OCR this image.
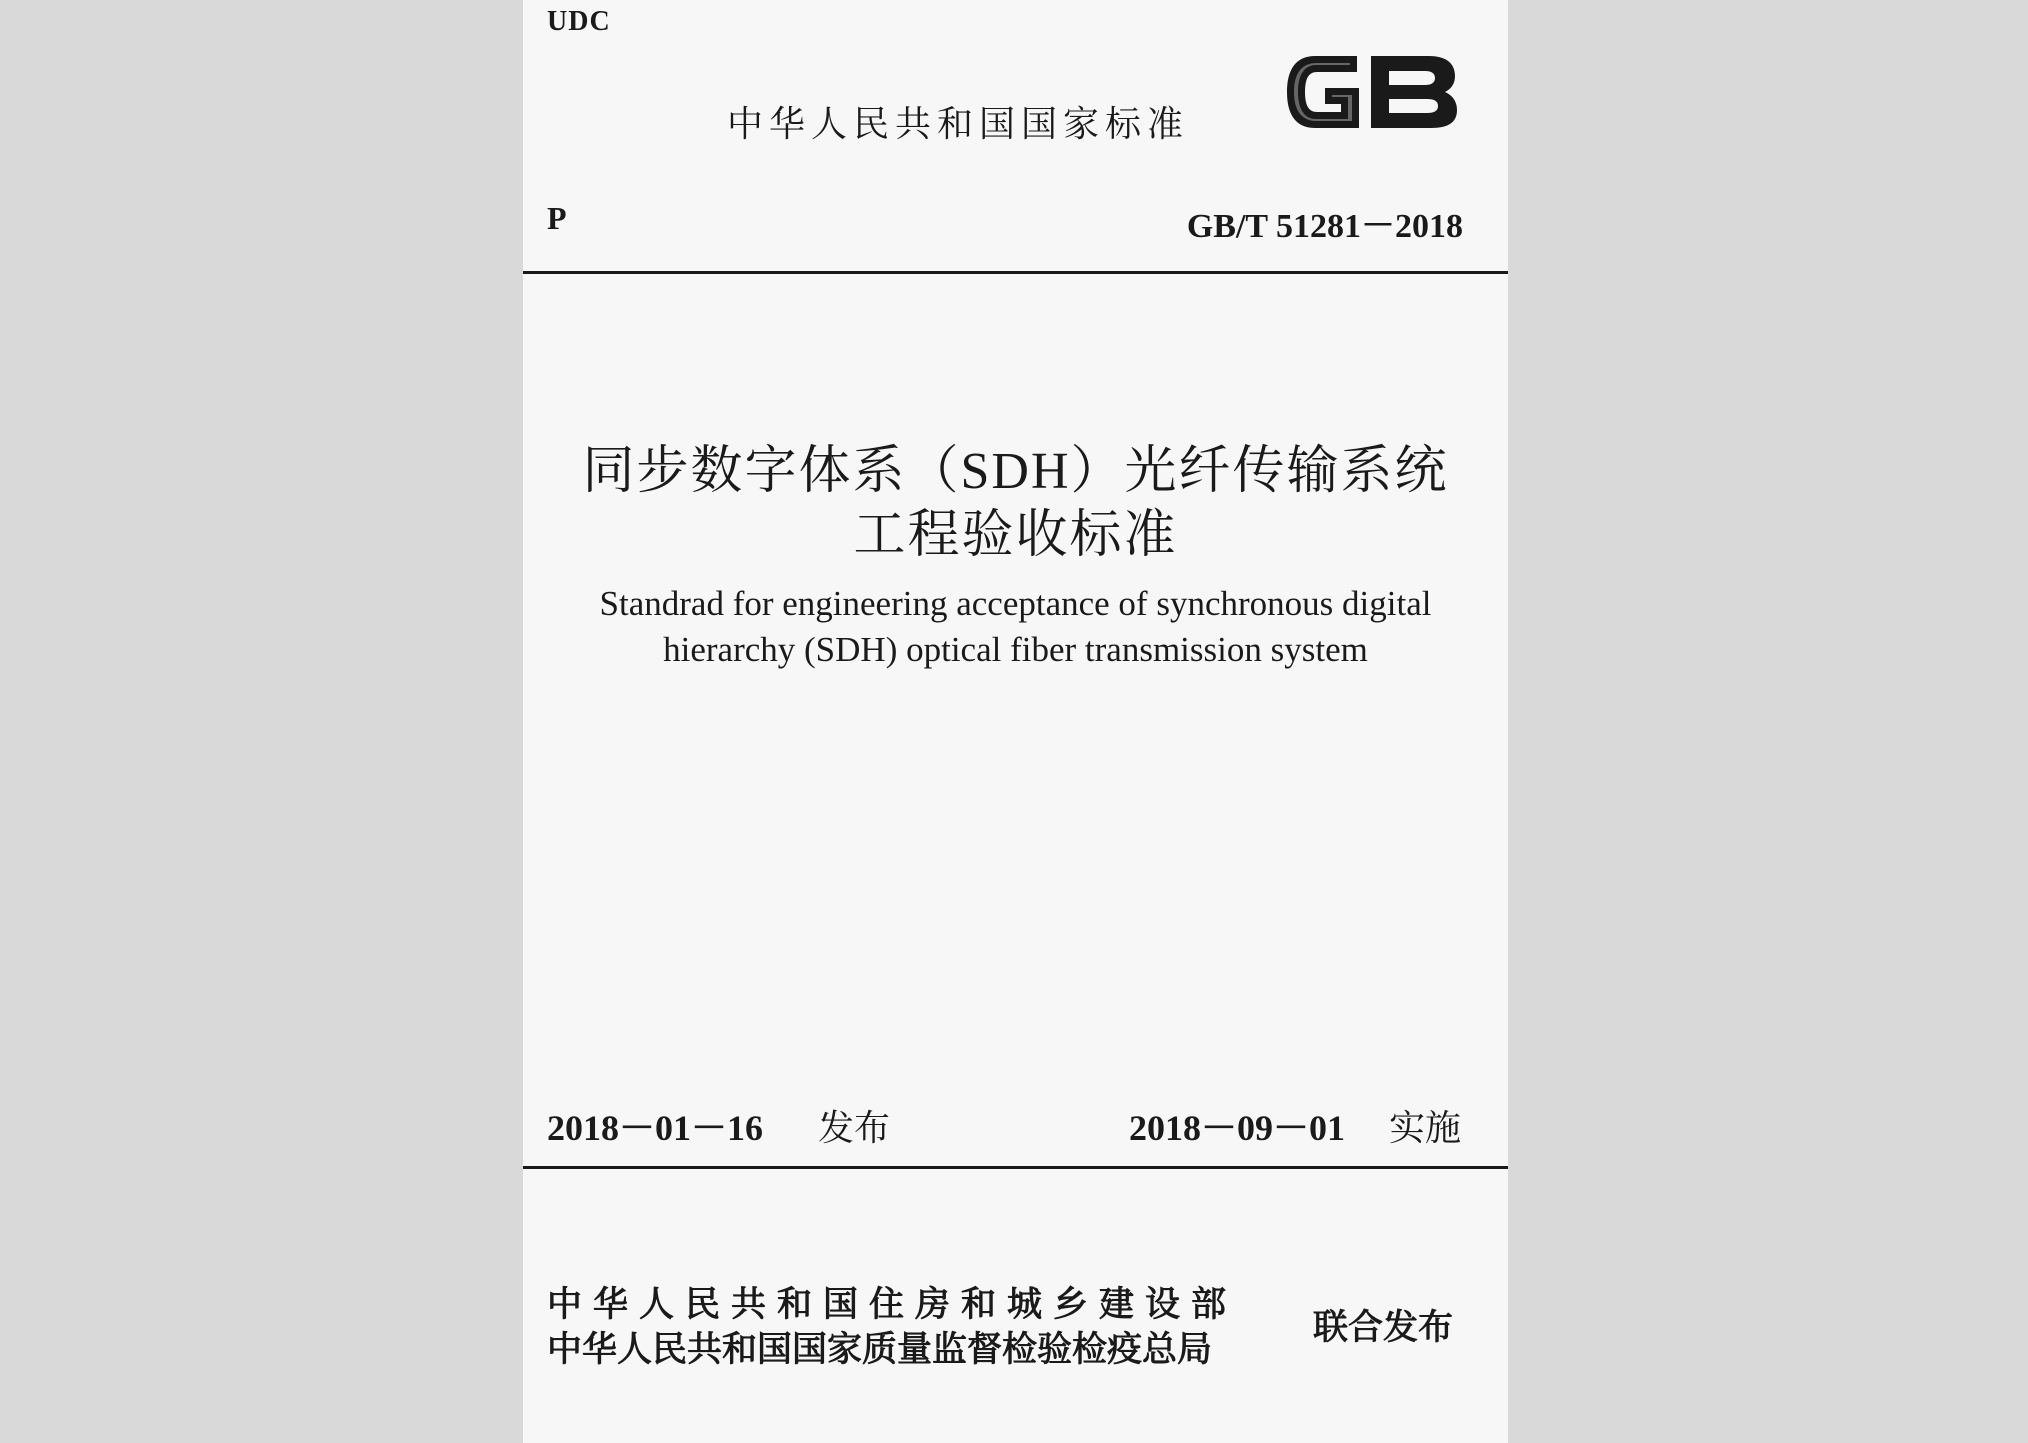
UDC
中华人民共和国国家标准
P	GB/T 51281－2018
同步数字体系（SDH）光纤传输系统
工程验收标准
Standrad for engineering acceptance of synchronous digital
hierarchy (SDH) optical fiber transmission system
2018－01－16 发布	2018－09－01 实施
中华人民共和国住房和城乡建设部
中华人民共和国国家质量监督检验检疫总局
联合发布
